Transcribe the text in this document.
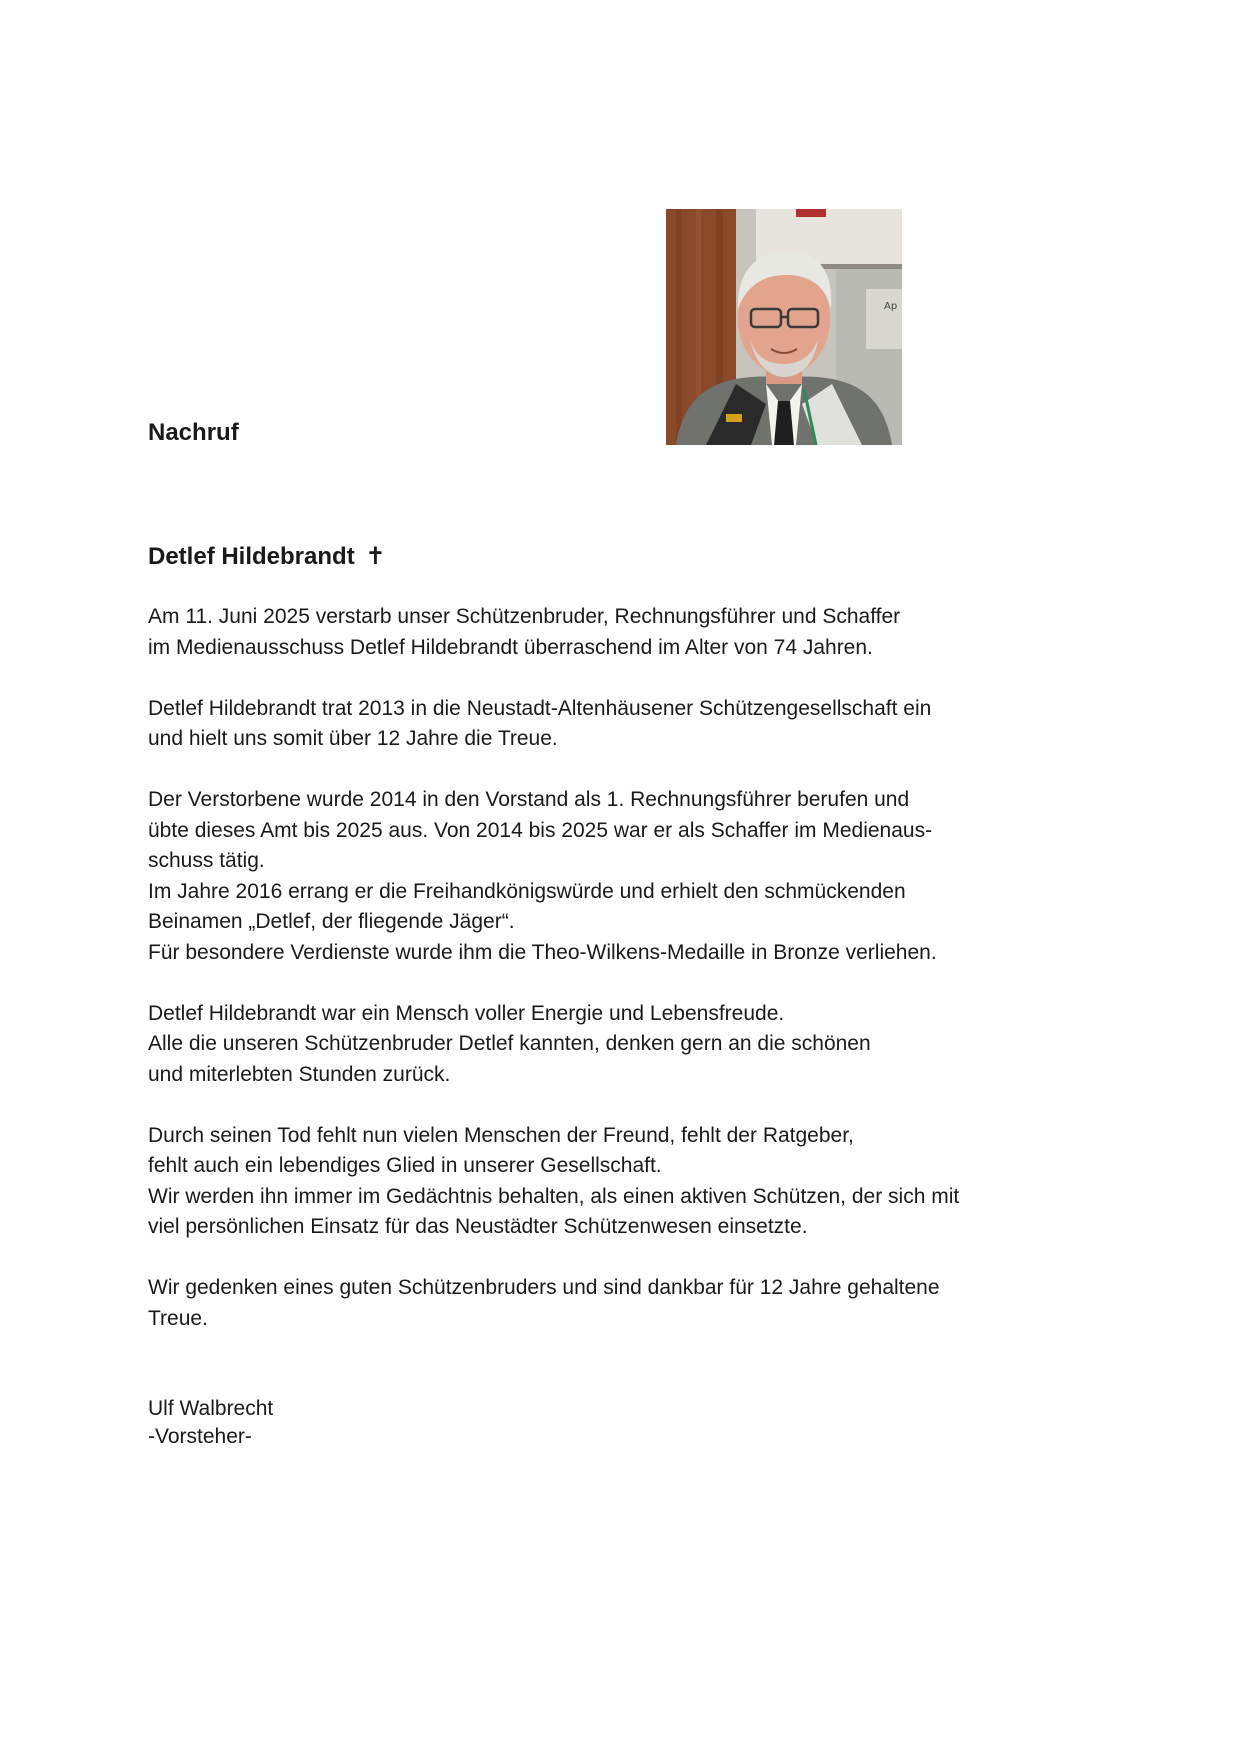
Ap
Nachruf
Detlef Hildebrandt ✝

Am 11. Juni 2025 verstarb unser Schützenbruder, Rechnungsführer und Schaffer
im Medienausschuss Detlef Hildebrandt überraschend im Alter von 74 Jahren.

Detlef Hildebrandt trat 2013 in die Neustadt-Altenhäusener Schützengesellschaft ein
und hielt uns somit über 12 Jahre die Treue.

Der Verstorbene wurde 2014 in den Vorstand als 1. Rechnungsführer berufen und
übte dieses Amt bis 2025 aus. Von 2014 bis 2025 war er als Schaffer im Medienaus-
schuss tätig.
Im Jahre 2016 errang er die Freihandkönigswürde und erhielt den schmückenden
Beinamen „Detlef, der fliegende Jäger“.
Für besondere Verdienste wurde ihm die Theo-Wilkens-Medaille in Bronze verliehen.

Detlef Hildebrandt war ein Mensch voller Energie und Lebensfreude.
Alle die unseren Schützenbruder Detlef kannten, denken gern an die schönen
und miterlebten Stunden zurück.

Durch seinen Tod fehlt nun vielen Menschen der Freund, fehlt der Ratgeber,
fehlt auch ein lebendiges Glied in unserer Gesellschaft.
Wir werden ihn immer im Gedächtnis behalten, als einen aktiven Schützen, der sich mit
viel persönlichen Einsatz für das Neustädter Schützenwesen einsetzte.

Wir gedenken eines guten Schützenbruders und sind dankbar für 12 Jahre gehaltene
Treue.

Ulf Walbrecht
-Vorsteher-
